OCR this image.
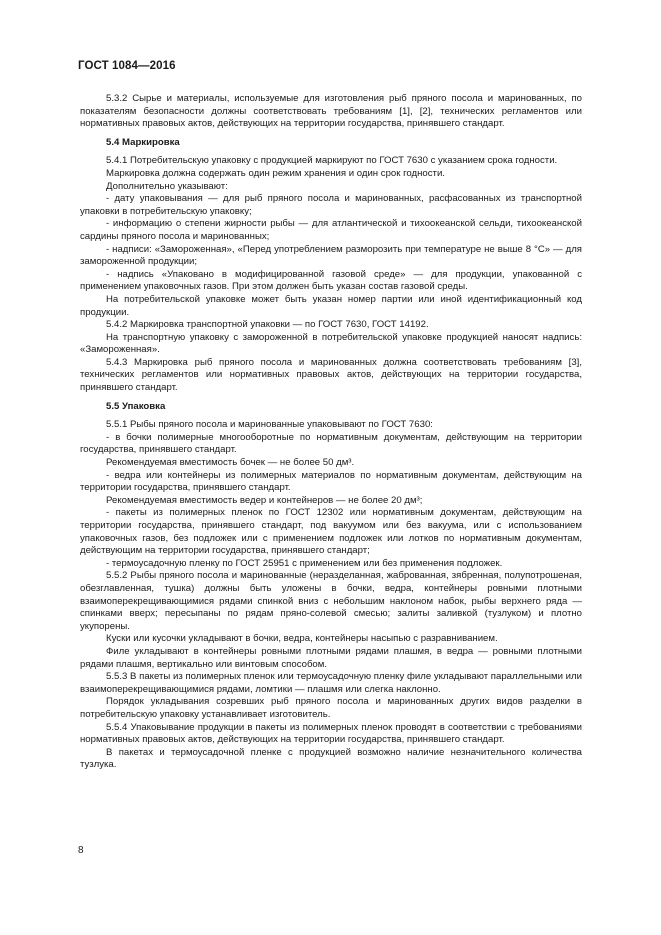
ГОСТ 1084—2016

5.3.2 Сырье и материалы, используемые для изготовления рыб пряного посола и маринованных, по показателям безопасности должны соответствовать требованиям [1], [2], технических регламентов или нормативных правовых актов, действующих на территории государства, принявшего стандарт.

5.4 Маркировка

5.4.1 Потребительскую упаковку с продукцией маркируют по ГОСТ 7630 с указанием срока годности.

Маркировка должна содержать один режим хранения и один срок годности.

Дополнительно указывают:

- дату упаковывания — для рыб пряного посола и маринованных, расфасованных из транспортной упаковки в потребительскую упаковку;

- информацию о степени жирности рыбы — для атлантической и тихоокеанской сельди, тихоокеанской сардины пряного посола и маринованных;

- надписи: «Замороженная», «Перед употреблением разморозить при температуре не выше 8 °C» — для замороженной продукции;

- надпись «Упаковано в модифицированной газовой среде» — для продукции, упакованной с применением упаковочных газов. При этом должен быть указан состав газовой среды.

На потребительской упаковке может быть указан номер партии или иной идентификационный код продукции.

5.4.2 Маркировка транспортной упаковки — по ГОСТ 7630, ГОСТ 14192.

На транспортную упаковку с замороженной в потребительской упаковке продукцией наносят надпись: «Замороженная».

5.4.3 Маркировка рыб пряного посола и маринованных должна соответствовать требованиям [3], технических регламентов или нормативных правовых актов, действующих на территории государства, принявшего стандарт.

5.5 Упаковка

5.5.1 Рыбы пряного посола и маринованные упаковывают по ГОСТ 7630:

- в бочки полимерные многооборотные по нормативным документам, действующим на территории государства, принявшего стандарт.

Рекомендуемая вместимость бочек — не более 50 дм³.

- ведра или контейнеры из полимерных материалов по нормативным документам, действующим на территории государства, принявшего стандарт.

Рекомендуемая вместимость ведер и контейнеров — не более 20 дм³;

- пакеты из полимерных пленок по ГОСТ 12302 или нормативным документам, действующим на территории государства, принявшего стандарт, под вакуумом или без вакуума, или с использованием упаковочных газов, без подложек или с применением подложек или лотков по нормативным документам, действующим на территории государства, принявшего стандарт;

- термоусадочную пленку по ГОСТ 25951 с применением или без применения подложек.

5.5.2 Рыбы пряного посола и маринованные (неразделанная, жаброванная, зябренная, полупотрошеная, обезглавленная, тушка) должны быть уложены в бочки, ведра, контейнеры ровными плотными взаимоперекрещивающимися рядами спинкой вниз с небольшим наклоном набок, рыбы верхнего ряда — спинками вверх; пересыпаны по рядам пряно-солевой смесью; залиты заливкой (тузлуком) и плотно укупорены.

Куски или кусочки укладывают в бочки, ведра, контейнеры насыпью с разравниванием.

Филе укладывают в контейнеры ровными плотными рядами плашмя, в ведра — ровными плотными рядами плашмя, вертикально или винтовым способом.

5.5.3 В пакеты из полимерных пленок или термоусадочную пленку филе укладывают параллельными или взаимоперекрещивающимися рядами, ломтики — плашмя или слегка наклонно.

Порядок укладывания созревших рыб пряного посола и маринованных других видов разделки в потребительскую упаковку устанавливает изготовитель.

5.5.4 Упаковывание продукции в пакеты из полимерных пленок проводят в соответствии с требованиями нормативных правовых актов, действующих на территории государства, принявшего стандарт.

В пакетах и термоусадочной пленке с продукцией возможно наличие незначительного количества тузлука.

8
